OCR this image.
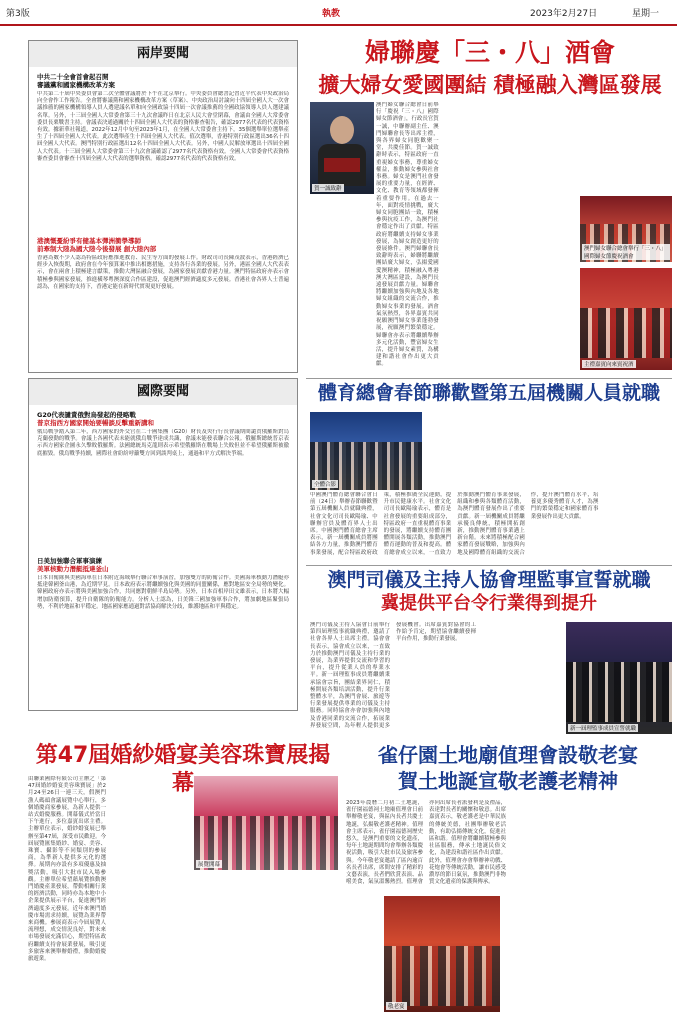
第3版	執教	2023年2月27日	星期一
兩岸要聞
中共二十全會首會起召開
審議黨和國家機構改革方案
中共第二十屆中央委員會第二次全體會議將於下午在北京舉行。中央委員會總書記習近平代表中央政治局向全會作工作報告。全會將審議黨和國家機構改革方案（草案）、中央政治局討論向十四屆全國人大一次會議推薦的國家機構領導人員人選建議名單和向全國政協十四屆一次會議推薦的全國政協領導人員人選建議名單。另外，十三屆全國人大常委會第三十九次會議昨日在北京人民大會堂閉幕，會議由全國人大常委會委員長栗戰書主持。會議表決通過關於十四屆全國人大代表的資格審查報告，確認2977名代表的代表資格有效。據新華社報道，2022年12月中旬至2023年1月，在全國人大常委會主持下，35個選舉單位選舉產生了十四屆全國人大代表。此次選舉產生十四屆全國人大代表。值次選舉，香港特別行政區選出36名十四屆全國人大代表。澳門特別行政區選出12名十四屆全國人大代表。另外，中國人民解放軍選出十四屆全國人大代表。十三屆全國人大常委會第三十九次會議確認了2977名代表資格有效。全國人大常委會代表資格審查委員會審查十四屆全國人大代表的選舉資格。確認2977名代表的代表資格有效。
港澳慨憂紛爭有健基本彈洲衝學導師
前牽制大陸為國大陸今後發展 創大陸內部
香港為數不少人認為特區政府應推進教育、民生等方面的發展工作。財政司司長陳茂波表示，香港經濟已經步入恢復期，政府會在今年預算案中推出相應措施，支持各行各業的發展。另外，港區全國人大代表表示，會在兩會上積極建言獻策，推動大灣區融合發展，為國家發展貢獻香港力量。澳門特區政府亦表示會積極參與國家發展，推進橫琴粵澳深度合作區建設，促進澳門經濟適度多元發展。香港社會各界人士普遍認為，在國家的支持下，香港定能在新時代實現更好發展。
國際要聞
G20代表譴責俄對烏發起的侵略戰
普京指西方國家開始要暢談反擊重新講和
俄烏戰爭踏入第二年，西方國家的外交官在二十國集團（G20）財長及央行行長會議期間譴責俄羅斯對烏克蘭發動的戰爭。會議上各國代表未能就俄烏戰爭達成共識，會議未能發表聯合公報。俄羅斯總統普京表示西方國家企圖永久擊敗俄羅斯。法國總統馬克龍則表示希望俄羅斯在戰場上失敗但並不希望俄羅斯被徹底摧毀。俄烏戰爭持續，國際社會紛紛呼籲雙方回到談判桌上，通過和平方式解決爭端。
日美加強聯合軍事演練
美軍核動力潛艇抵達釜山
日本自衛隊與美國海軍在日本附近海域舉行聯合軍事演習，加強雙方的防衛合作。美國海軍核動力潛艇亦抵達韓國釜山港，為近期罕見。日本政府表示將繼續強化與美國的同盟關係，應對地區安全局勢的變化。韓國政府亦表示將與美國加強合作，共同應對朝鮮半島局勢。另外，日本首相岸田文雄表示，日本將大幅增加防衛預算，提升自衛隊的防衛能力。分析人士認為，日美韓三國加強軍事合作，將加劇地區緊張局勢，不利於地區和平穩定。地區國家應通過對話協商解決分歧，維護地區和平與穩定。
婦聯慶「三・八」酒會
擴大婦女愛國團結 積極融入灣區發展
賀一誠致辭
澳門婦女聯合總會日前舉行「慶祝『三・八』國際婦女節酒會」，行政長官賀一誠，中聯辦副主任、澳門婦聯會長等出席主禮，與各界婦女同胞歡聚一堂，共慶佳節。賀一誠致辭時表示，特區政府一直重視婦女事務，尊重婦女權益，推動婦女參與社會事務。婦女是澳門社會發展的重要力量，在經濟、文化、教育等領域都發揮着重要作用。在過去一年，面對疫情挑戰，廣大婦女同胞團結一致，積極參與抗疫工作，為澳門社會穩定作出了貢獻。特區政府將繼續支持婦女事業發展，為婦女創造更好的發展條件。澳門婦聯會長致辭時表示，婦聯將繼續團結廣大婦女，弘揚愛國愛澳精神，積極融入粵港澳大灣區建設，為澳門長遠發展貢獻力量。婦聯會將繼續加強與內地及各地婦女組織的交流合作，推動婦女事業的發展。酒會氣氛熱烈，各界嘉賓共同祝願澳門婦女事業蓬勃發展，祝願澳門繁榮穩定。婦聯會亦表示將繼續舉辦多元化活動，豐富婦女生活，提升婦女素質，為構建和諧社會作出更大貢獻。
澳門婦女聯合總會舉行「三・八」國際婦女節慶祝酒會
主禮嘉賓向來賓祝酒
體育總會春節聯歡暨第五屆機關人員就職
全體合影
中國澳門體育總會聯合會日前（24日）舉辦春節聯歡暨第五屆機關人員就職典禮，社會文化司司長歐陽瑜、中聯辦官員及體育界人士出席。中國澳門體育總會主席表示，新一屆機關成員將團結各方力量，推動澳門體育事業發展，配合特區政府政策，積極推廣全民運動，提升市民健康水平。社會文化司司長歐陽瑜表示，體育是社會發展的重要組成部分，特區政府一直重視體育事業的發展，將繼續支持體育團體開展各類活動，推動澳門體育運動的普及和提高。體育總會成立以來，一直致力於推動澳門體育事業發展，組織和參與各類體育活動，為澳門體育發展作出了重要貢獻。新一屆機關成員將繼承優良傳統，積極開拓創新，推動澳門體育事業邁上新台階。未來將積極配合國家體育發展戰略，加強與內地及國際體育組織的交流合作，提升澳門體育水平，培養更多優秀體育人才，為澳門的繁榮穩定和國家體育事業發展作出更大貢獻。
澳門司儀及主持人協會理監事宣誓就職
冀提供平台令行業得到提升
澳門司儀及主持人協會日前舉行第四屆理監事就職典禮，邀請了社會各界人士出席主禮。協會會長表示，協會成立以來，一直致力於推動澳門司儀及主持行業的發展，為業界提供交流和學習的平台，提升從業人員的專業水平。新一屆理監事成員將繼續秉承協會宗旨，團結業界同仁，積極開展各類培訓活動，提升行業整體水平，為澳門會展、旅遊等行業發展提供專業的司儀及主持服務。同時協會亦會加強與內地及香港同業的交流合作，拓展業界發展空間，為年輕人提供更多發展機會。出席嘉賓對協會的工作給予肯定，期望協會繼續發揮平台作用，推動行業發展。
新一屆理監事成員宣誓就職
第47屆婚紗婚宴美容珠寶展揭幕
由聯業國際有限公司主辦之「第47屆婚紗婚宴美容珠寶展」於2月24至26日一連三天，假澳門漁人碼頭會議展覽中心舉行，多個婚慶商家參展，為新人提供一站式婚慶服務。開幕儀式於當日下午進行，多位嘉賓出席主禮。主辦單位表示，婚紗婚宴展已舉辦至第47屆，深受市民歡迎。今屆展覽匯集婚紗、婚宴、美容、珠寶、攝影等不同類別的參展商，為準新人提供多元化的選擇。展期內亦設有多項優惠及抽獎活動，吸引大批市民入場參觀。主辦單位希望藉展覽推動澳門婚慶產業發展，帶動相關行業的經濟活動，同時亦為本地中小企業提供展示平台，促進澳門經濟適度多元發展。近年來澳門婚慶市場需求持續，展覽為業界帶來商機。參展商表示今屆展覽人流理想，成交情況良好，對未來市場發展充滿信心，期望特區政府繼續支持會展業發展，吸引更多旅客來澳舉辦婚禮，推動婚慶旅遊業。
展覽開幕
雀仔園土地廟值理會設敬老宴
賀土地誕宣敬老護老精神
2023年農曆二月初二土地誕，雀仔園福德祠土地廟值理會日前舉辦敬老宴，與區內長者共慶土地誕，弘揚敬老護老精神。值理會主席表示，雀仔園福德祠歷史悠久，是澳門重要的文化遺產，每年土地誕期間均會舉辦各類慶祝活動，吸引大批市民及旅客參與。今年敬老宴邀請了區內逾百名長者出席，席間安排了精彩的文藝表演，長者們欣賞表演、品嚐美食，氣氛溫馨熱烈。值理會亦向出席長者派發利是及禮品，表達對長者的關懷和敬意。出席嘉賓表示，敬老護老是中華民族的傳統美德，社團舉辦敬老活動，有助弘揚傳統文化，促進社區和諧。值理會將繼續積極參與社區服務，傳承土地誕民俗文化，為建設和諧社區作出貢獻。此外，值理會亦會舉辦神功戲、花炮會等傳統活動，讓市民感受濃厚的節日氣氛，推動澳門非物質文化遺產的保護與傳承。
敬老宴
